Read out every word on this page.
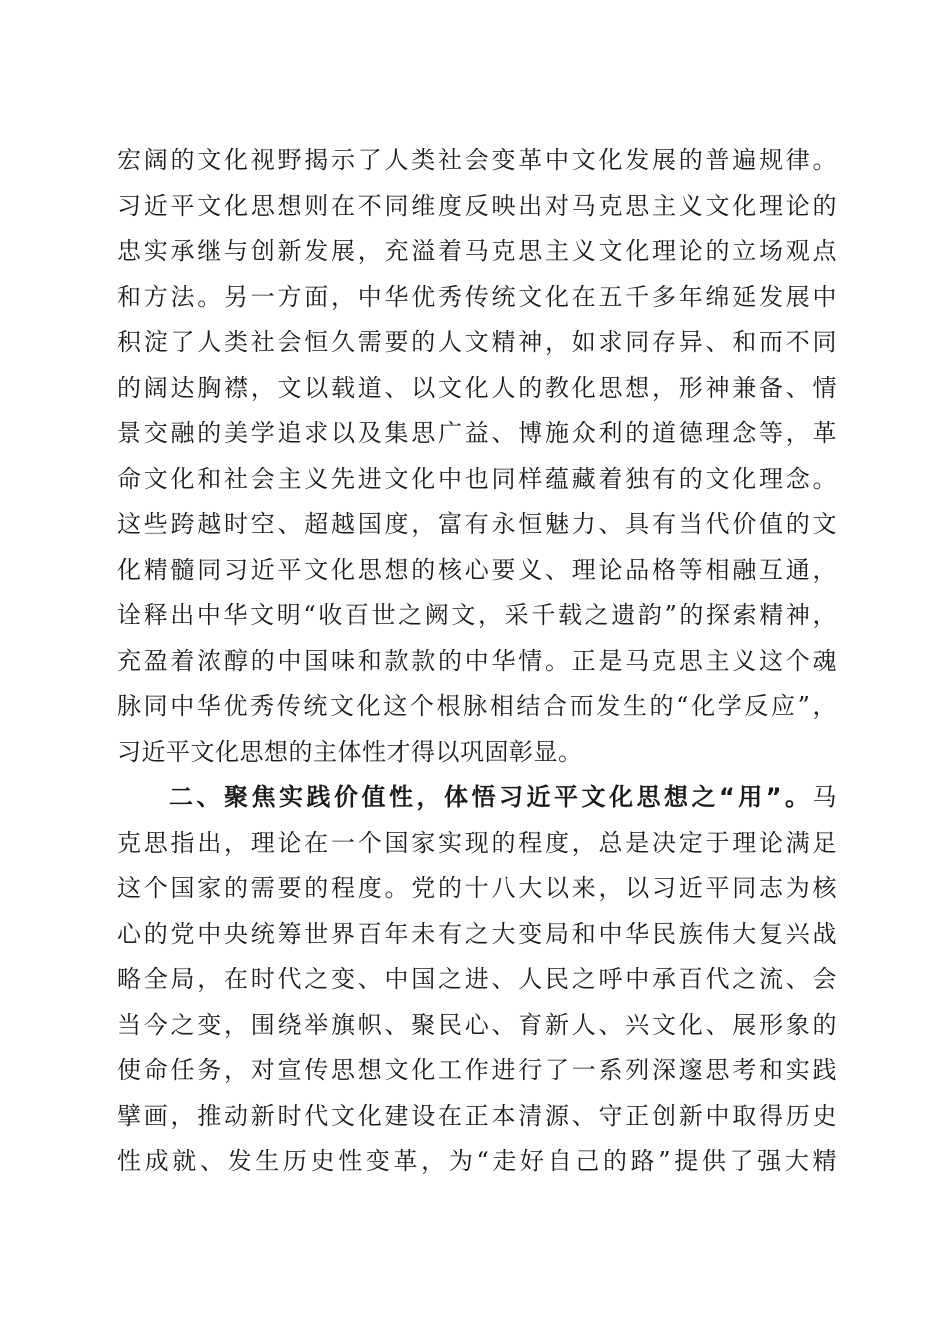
宏阔的文化视野揭示了人类社会变革中文化发展的普遍规律。
习近平文化思想则在不同维度反映出对马克思主义文化理论的
忠实承继与创新发展，充溢着马克思主义文化理论的立场观点
和方法。另一方面，中华优秀传统文化在五千多年绵延发展中
积淀了人类社会恒久需要的人文精神，如求同存异、和而不同
的阔达胸襟，文以载道、以文化人的教化思想，形神兼备、情
景交融的美学追求以及集思广益、博施众利的道德理念等，革
命文化和社会主义先进文化中也同样蕴藏着独有的文化理念。
这些跨越时空、超越国度，富有永恒魅力、具有当代价值的文
化精髓同习近平文化思想的核心要义、理论品格等相融互通，
诠释出中华文明“收百世之阙文，采千载之遗韵”的探索精神，
充盈着浓醇的中国味和款款的中华情。正是马克思主义这个魂
脉同中华优秀传统文化这个根脉相结合而发生的“化学反应”，
习近平文化思想的主体性才得以巩固彰显。
二、聚焦实践价值性，体悟习近平文化思想之“用”。马
克思指出，理论在一个国家实现的程度，总是决定于理论满足
这个国家的需要的程度。党的十八大以来，以习近平同志为核
心的党中央统筹世界百年未有之大变局和中华民族伟大复兴战
略全局，在时代之变、中国之进、人民之呼中承百代之流、会
当今之变，围绕举旗帜、聚民心、育新人、兴文化、展形象的
使命任务，对宣传思想文化工作进行了一系列深邃思考和实践
擘画，推动新时代文化建设在正本清源、守正创新中取得历史
性成就、发生历史性变革，为“走好自己的路”提供了强大精
